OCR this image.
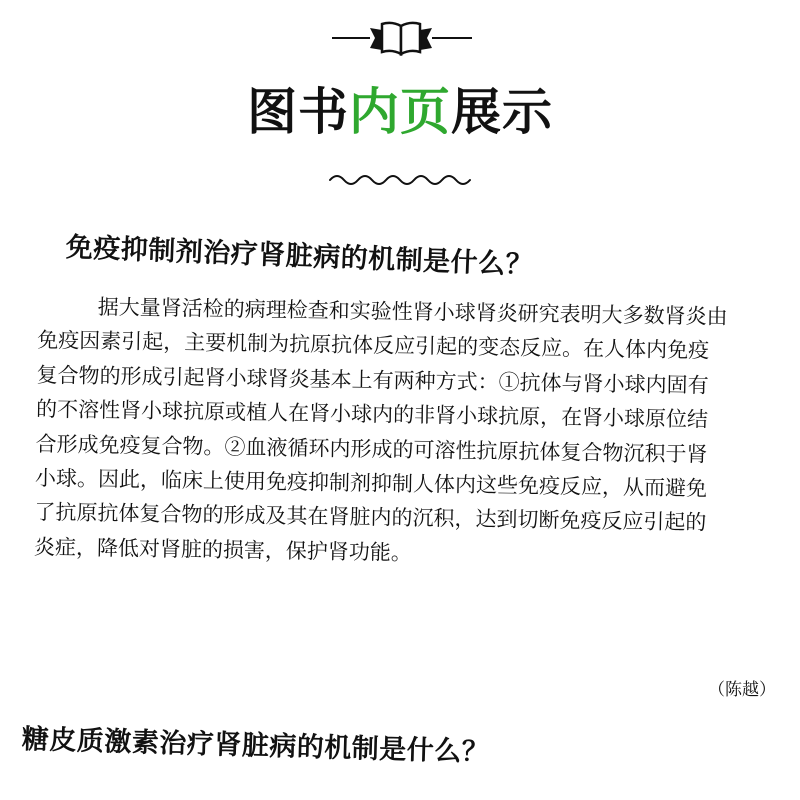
图书内页展示
免疫抑制剂治疗肾脏病的机制是什么？
据大量肾活检的病理检查和实验性肾小球肾炎研究表明大多数肾炎由
免疫因素引起，主要机制为抗原抗体反应引起的变态反应。在人体内免疫
复合物的形成引起肾小球肾炎基本上有两种方式：①抗体与肾小球内固有
的不溶性肾小球抗原或植人在肾小球内的非肾小球抗原，在肾小球原位结
合形成免疫复合物。②血液循环内形成的可溶性抗原抗体复合物沉积于肾
小球。因此，临床上使用免疫抑制剂抑制人体内这些免疫反应，从而避免
了抗原抗体复合物的形成及其在肾脏内的沉积，达到切断免疫反应引起的
炎症，降低对肾脏的损害，保护肾功能。
（陈越）
糖皮质激素治疗肾脏病的机制是什么？
